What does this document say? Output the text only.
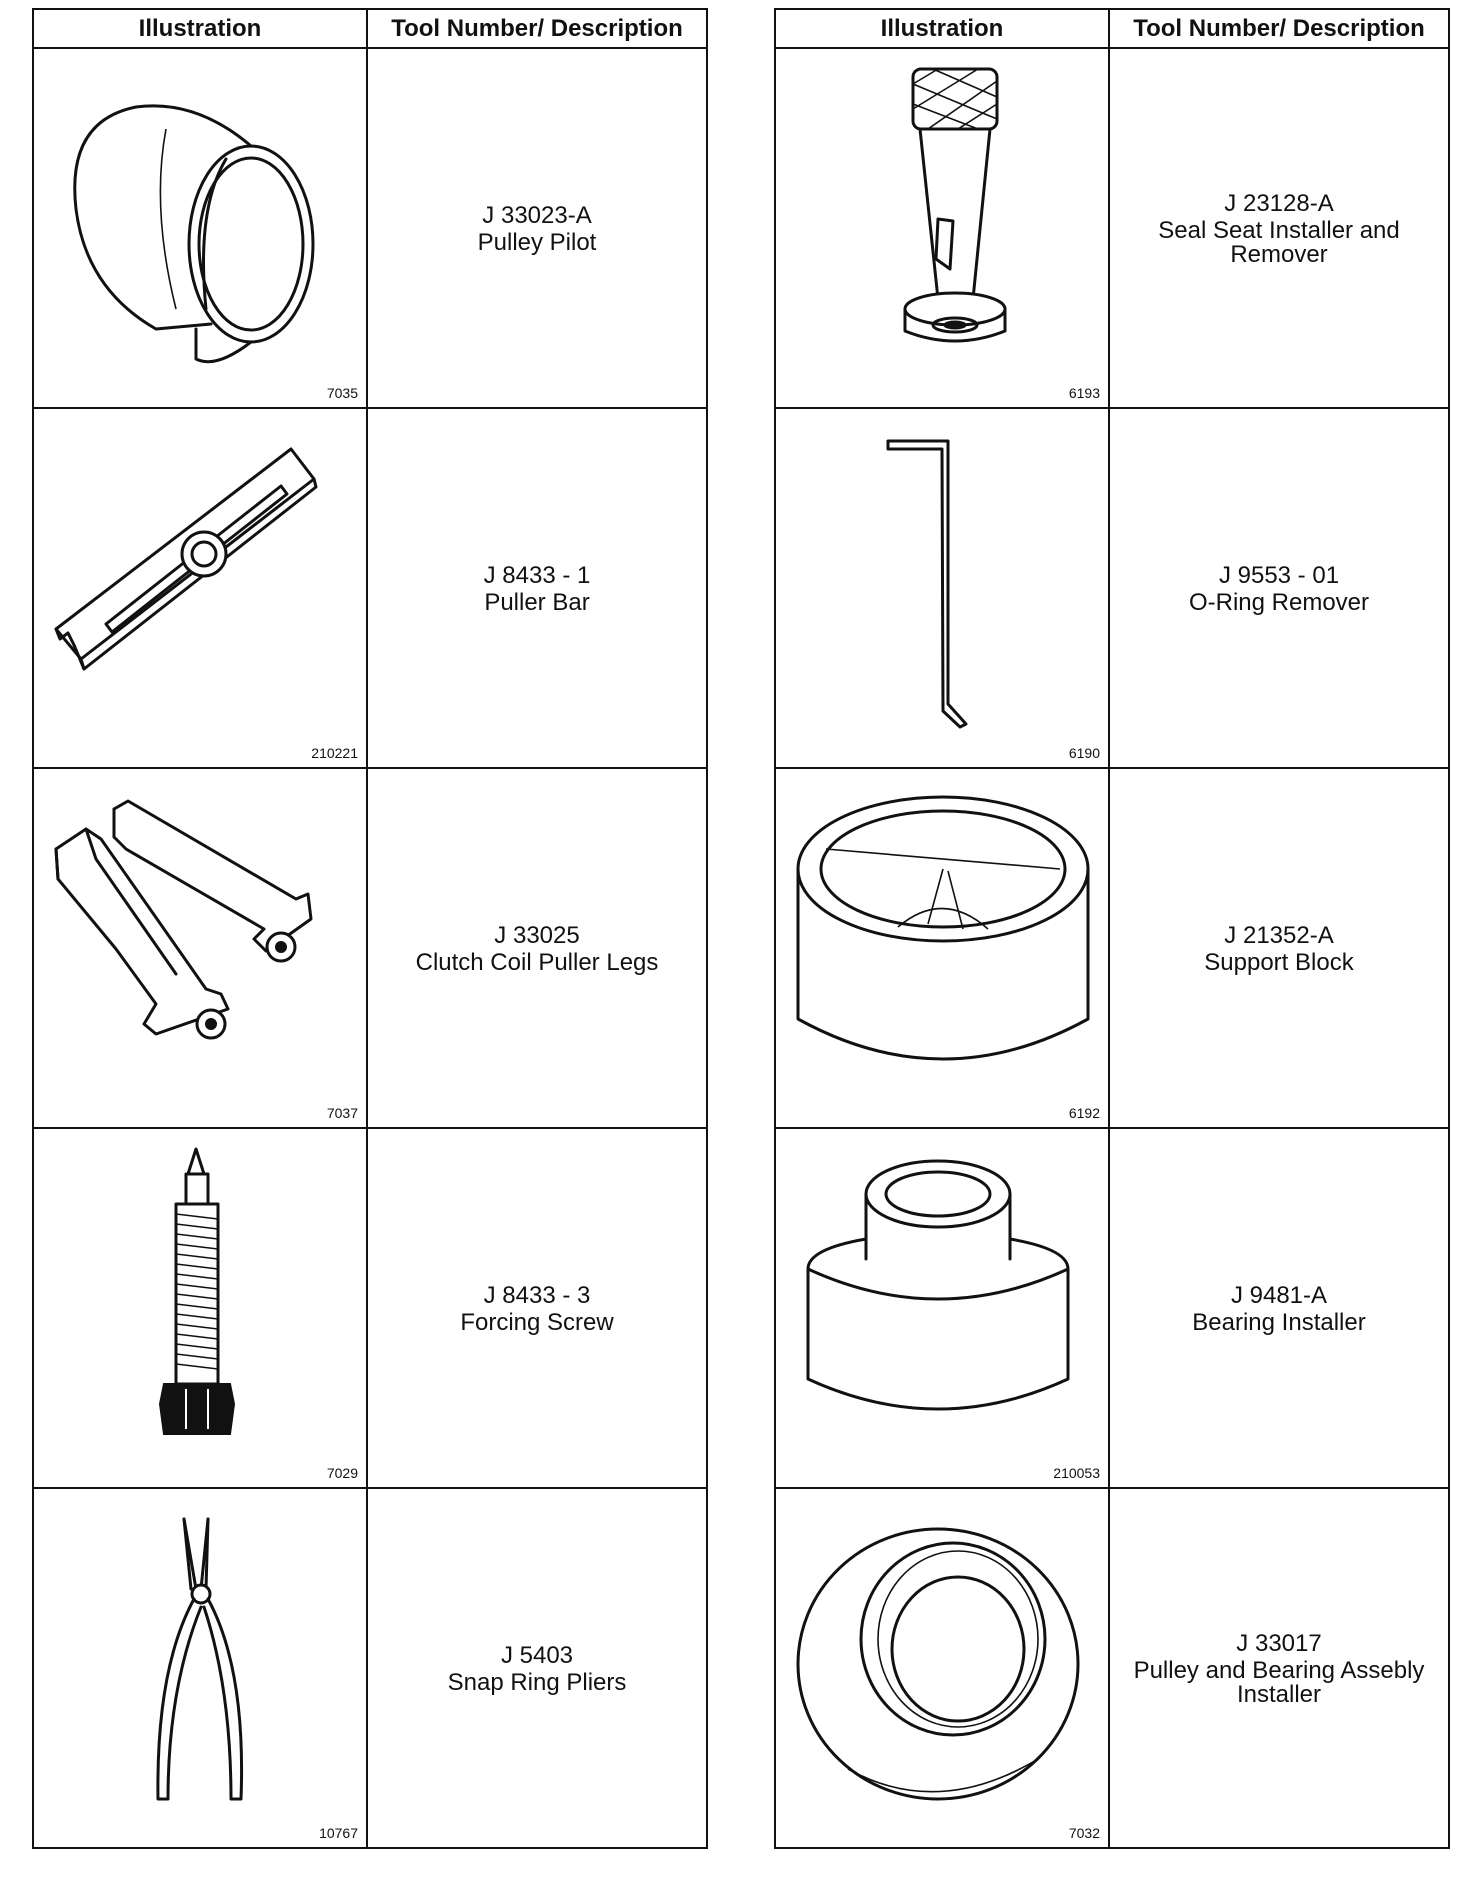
Illustration	Tool Number/ Description

7035	J 33023-A
Pulley Pilot

210221	J 8433 - 1
Puller Bar

7037	J 33025
Clutch Coil Puller Legs

7029	J 8433 - 3
Forcing Screw

10767	J 5403
Snap Ring Pliers
Illustration	Tool Number/ Description

6193	J 23128-A
Seal Seat Installer and Remover

6190	J 9553 - 01
O-Ring Remover

6192	J 21352-A
Support Block

210053	J 9481-A
Bearing Installer

7032	J 33017
Pulley and Bearing Assebly Installer
